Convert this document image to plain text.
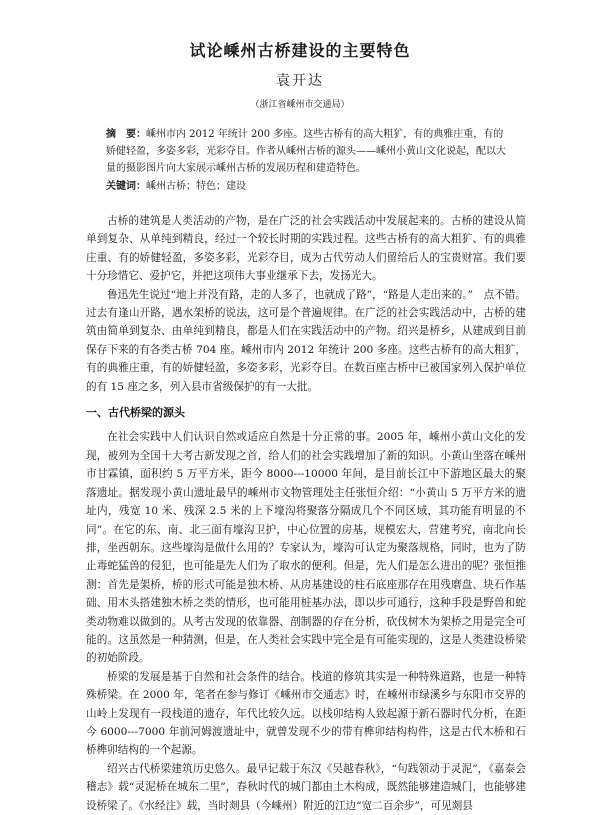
试论嵊州古桥建设的主要特色
袁开达
（浙江省嵊州市交通局）
摘　要：嵊州市内 2012 年统计 200 多座。这些古桥有的高大粗犷，有的典雅庄重，有的娇健轻盈，多姿多彩，光彩夺目。作者从嵊州古桥的源头——嵊州小黄山文化说起，配以大量的摄影图片向大家展示嵊州古桥的发展历程和建造特色。
关键词：嵊州古桥；特色；建设

古桥的建筑是人类活动的产物，是在广泛的社会实践活动中发展起来的。古桥的建设从简单到复杂、从单纯到精良，经过一个较长时期的实践过程。这些古桥有的高大粗犷、有的典雅庄重、有的娇健轻盈，多姿多彩，光彩夺目，成为古代劳动人们留给后人的宝贵财富。我们要十分珍惜它、爱护它，并把这项伟大事业继承下去，发扬光大。

鲁迅先生说过“地上并没有路，走的人多了，也就成了路”，“路是人走出来的。”　点不错。过去有逢山开路，遇水架桥的说法，这可是个普遍规律。在广泛的社会实践活动中，古桥的建筑由简单到复杂、由单纯到精良，都是人们在实践活动中的产物。绍兴是桥乡，从建成到目前保存下来的有各类古桥 704 座。嵊州市内 2012 年统计 200 多座。这些古桥有的高大粗犷，有的典雅庄重，有的娇健轻盈，多姿多彩，光彩夺目。在数百座古桥中已被国家列入保护单位的有 15 座之多，列入县市省级保护的有一大批。

一、古代桥梁的源头

在社会实践中人们认识自然或适应自然是十分正常的事。2005 年，嵊州小黄山文化的发现，被列为全国十大考古新发现之首，给人们的社会实践增加了新的知识。小黄山坐落在嵊州市甘霖镇，面积约 5 万平方米，距今 8000---10000 年间，是目前长江中下游地区最大的聚落遗址。据发现小黄山遗址最早的嵊州市文物管理处主任张恒介绍：“小黄山 5 万平方米的遗址内，残宽 10 米、残深 2.5 米的上下壕沟将聚落分隔成几个不同区域，其功能有明显的不同”。在它的东、南、北三面有壕沟卫护，中心位置的房基，规模宏大，营建考究，南北向长排，坐西朝东。这些壕沟是做什么用的？专家认为，壕沟可认定为聚落规格，同时，也为了防止毒蛇猛兽的侵犯，也可能是先人们为了取水的便利。但是，先人们是怎么进出的呢？张恒推测：首先是架桥，桥的形式可能是独木桥、从房基建设的柱石底座那存在用残磨盘、块石作基础、用木头搭建独木桥之类的情形，也可能用桩基办法，即以步可通行，这种手段是野兽和蛇类动物难以做到的。从考古发现的依靠器、剖制器的存在分析，砍伐树木为架桥之用是完全可能的。这虽然是一种猜测，但是，在人类社会实践中完全是有可能实现的，这是人类建设桥梁的初始阶段。

桥梁的发展是基于自然和社会条件的结合。栈道的修筑其实是一种特殊道路，也是一种特殊桥梁。在 2000 年，笔者在参与修订《嵊州市交通志》时，在嵊州市绿溪乡与东阳市交界的山岭上发现有一段栈道的遗存，年代比较久远。以栈卯结构人致起源于新石器时代分析，在距今 6000---7000 年前河姆渡遗址中，就曾发现不少的带有榫卯结构构件，这是古代木桥和石桥榫卯结构的一个起源。

绍兴古代桥梁建筑历史悠久。最早记载于东汉《吴越春秋》，“句践领动于灵泥”，《嘉泰会稽志》载“灵泥桥在城东二里”，春秋时代的城门都由土木构成，既然能够建造城门，也能够建设桥梁了。《水经注》载，当时剡县（今嵊州）附近的江边“宽二百余步”，可见剡县
